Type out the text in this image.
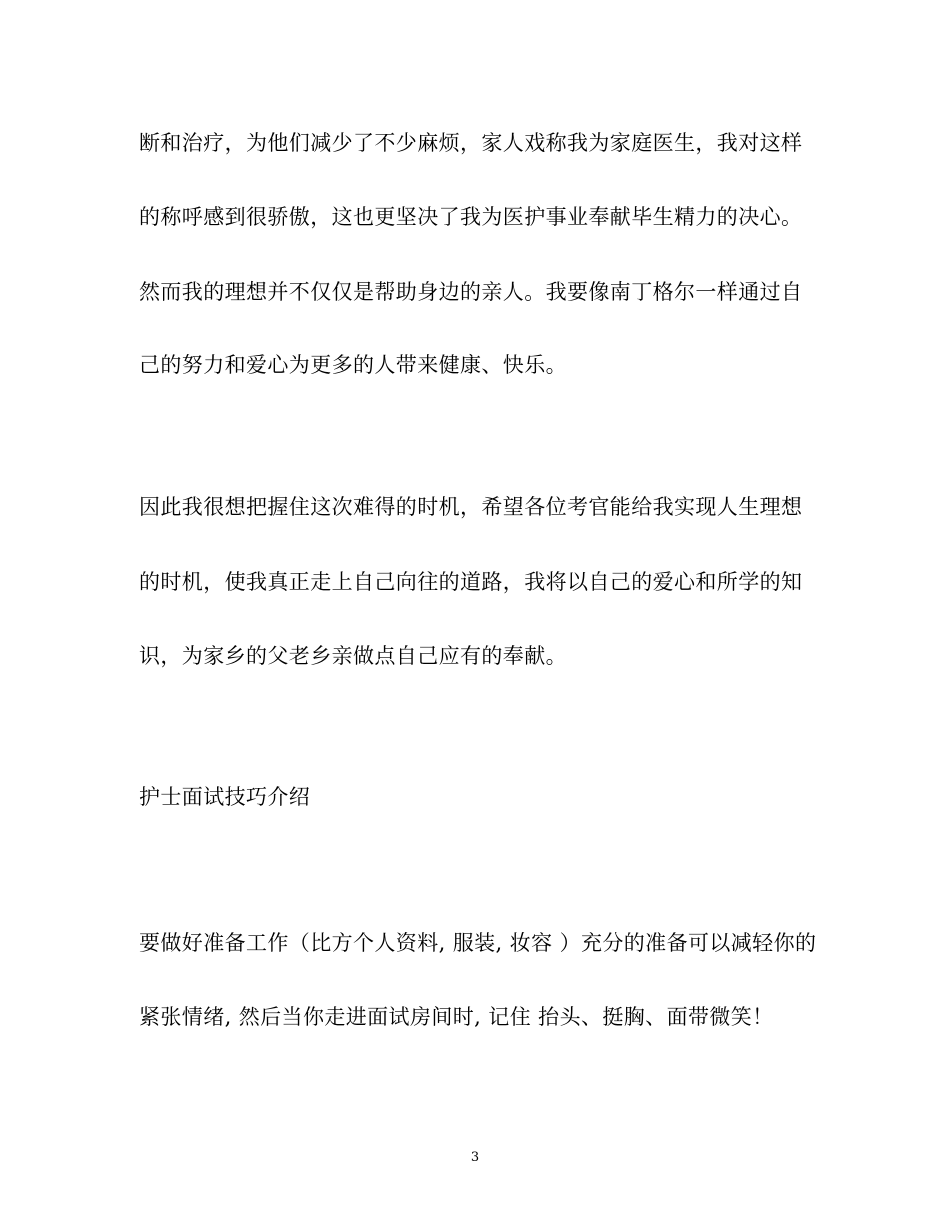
断和治疗，为他们减少了不少麻烦，家人戏称我为家庭医生，我对这样
的称呼感到很骄傲，这也更坚决了我为医护事业奉献毕生精力的决心。
然而我的理想并不仅仅是帮助身边的亲人。我要像南丁格尔一样通过自
己的努力和爱心为更多的人带来健康、快乐。
因此我很想把握住这次难得的时机，希望各位考官能给我实现人生理想
的时机，使我真正走上自己向往的道路，我将以自己的爱心和所学的知
识，为家乡的父老乡亲做点自己应有的奉献。
护士面试技巧介绍
要做好准备工作（比方个人资料, 服装, 妆容 ）充分的准备可以减轻你的
紧张情绪, 然后当你走进面试房间时, 记住 抬头、挺胸、面带微笑！
3
